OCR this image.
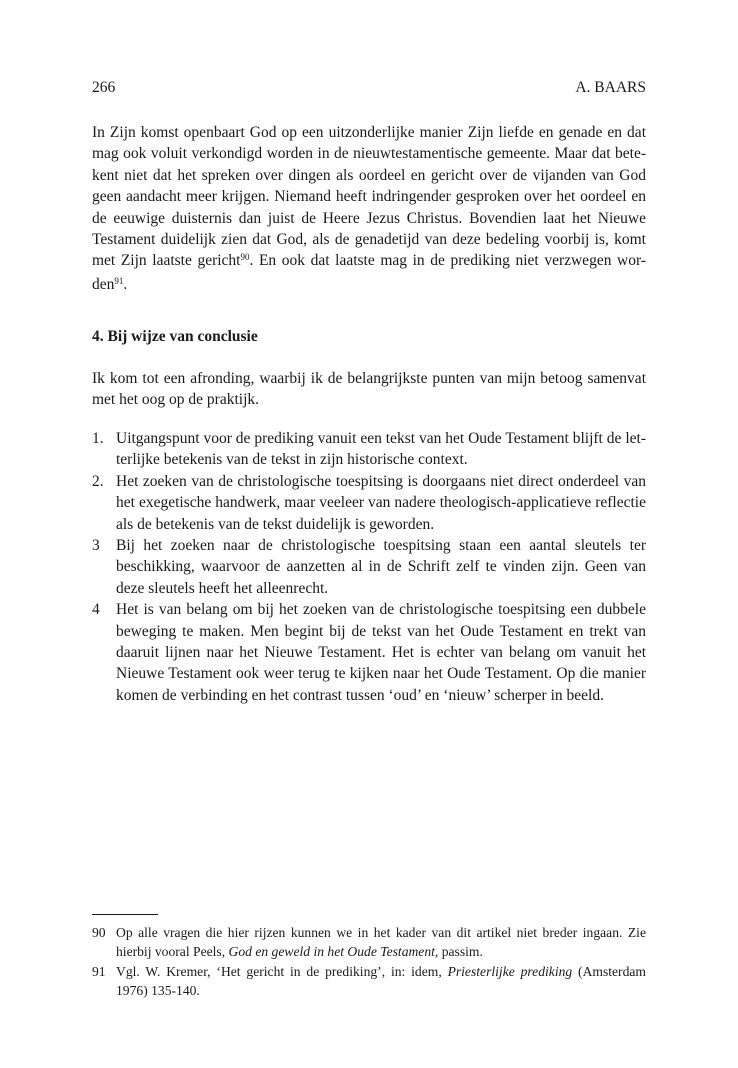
266	A. BAARS

In Zijn komst openbaart God op een uitzonderlijke manier Zijn liefde en genade en dat mag ook voluit verkondigd worden in de nieuwtestamentische gemeente. Maar dat bete-kent niet dat het spreken over dingen als oordeel en gericht over de vijanden van God geen aandacht meer krijgen. Niemand heeft indringender gesproken over het oordeel en de eeuwige duisternis dan juist de Heere Jezus Christus. Bovendien laat het Nieuwe Testament duidelijk zien dat God, als de genadetijd van deze bedeling voorbij is, komt met Zijn laatste gericht$^{90}$. En ook dat laatste mag in de prediking niet verzwegen wor-den$^{91}$.

4. Bij wijze van conclusie

Ik kom tot een afronding, waarbij ik de belangrijkste punten van mijn betoog samenvat met het oog op de praktijk.

1. Uitgangspunt voor de prediking vanuit een tekst van het Oude Testament blijft de let-terlijke betekenis van de tekst in zijn historische context.
2. Het zoeken van de christologische toespitsing is doorgaans niet direct onderdeel van het exegetische handwerk, maar veeleer van nadere theologisch-applicatieve reflectie als de betekenis van de tekst duidelijk is geworden.
3 Bij het zoeken naar de christologische toespitsing staan een aantal sleutels ter beschikking, waarvoor de aanzetten al in de Schrift zelf te vinden zijn. Geen van deze sleutels heeft het alleenrecht.
4 Het is van belang om bij het zoeken van de christologische toespitsing een dubbele beweging te maken. Men begint bij de tekst van het Oude Testament en trekt van daaruit lijnen naar het Nieuwe Testament. Het is echter van belang om vanuit het Nieuwe Testament ook weer terug te kijken naar het Oude Testament. Op die manier komen de verbinding en het contrast tussen ‘oud’ en ‘nieuw’ scherper in beeld.
90 Op alle vragen die hier rijzen kunnen we in het kader van dit artikel niet breder ingaan. Zie hierbij vooral Peels, God en geweld in het Oude Testament, passim.
91 Vgl. W. Kremer, ‘Het gericht in de prediking’, in: idem, Priesterlijke prediking (Amsterdam 1976) 135-140.
